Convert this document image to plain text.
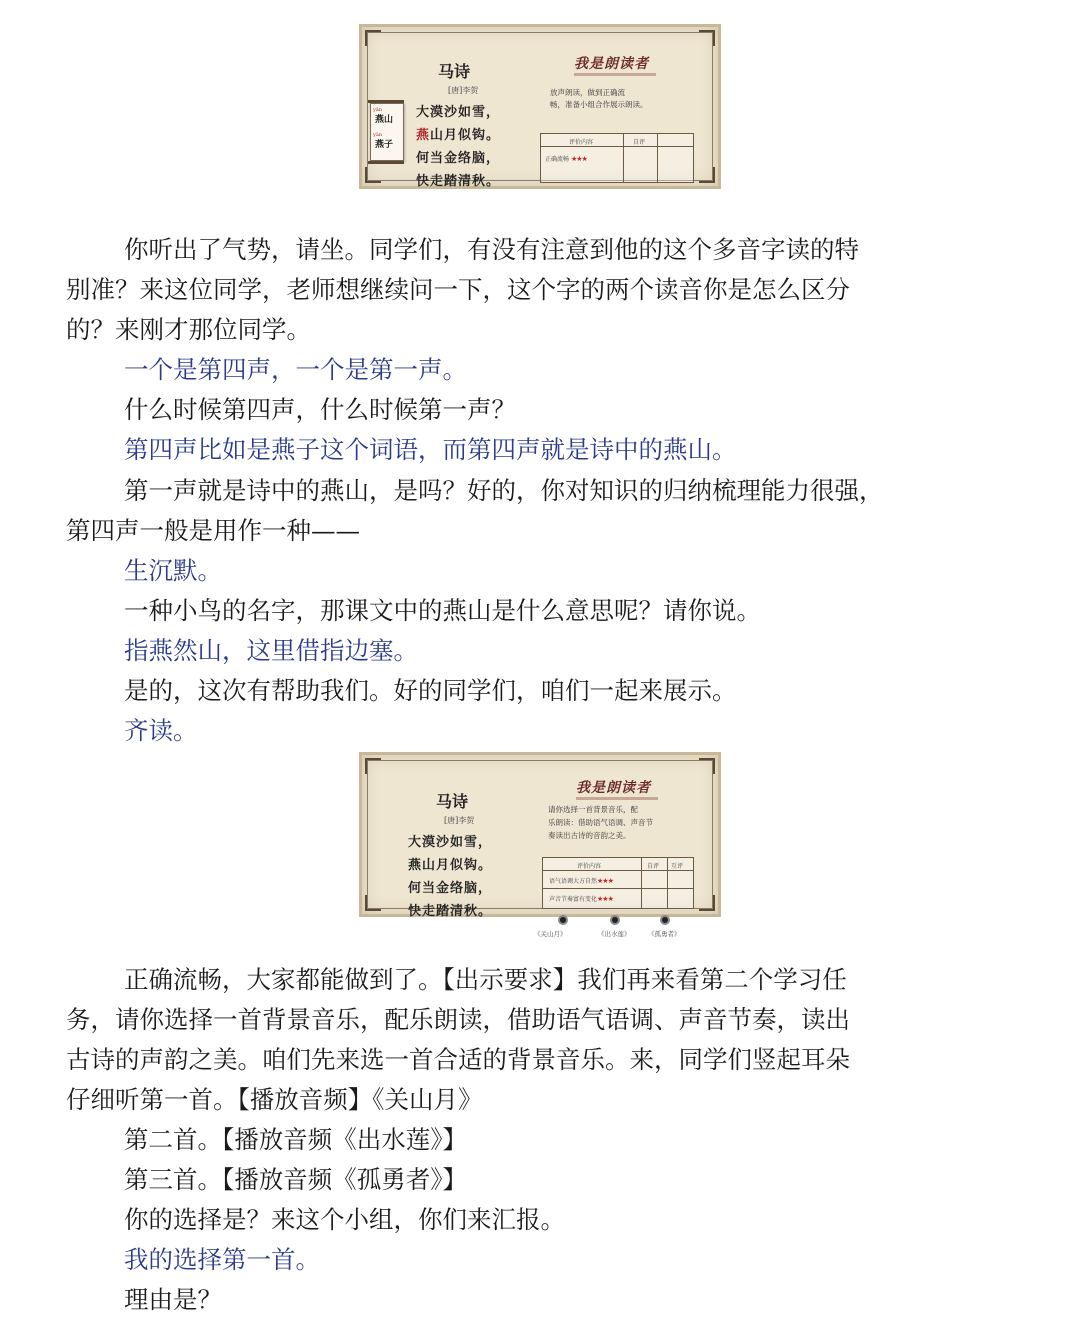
马诗
[唐]李贺
大漠沙如雪，
燕山月似钩。
何当金络脑，
快走踏清秋。
yān
燕山
yàn
燕子
我是朗读者
放声朗读，做到正确流
畅，准备小组合作展示朗读。
评价内容	自评
正确流畅 ★★★
你听出了气势，请坐。同学们，有没有注意到他的这个多音字读的特
别准？来这位同学，老师想继续问一下，这个字的两个读音你是怎么区分
的？来刚才那位同学。
一个是第四声，一个是第一声。
什么时候第四声，什么时候第一声？
第四声比如是燕子这个词语，而第四声就是诗中的燕山。
第一声就是诗中的燕山，是吗？好的，你对知识的归纳梳理能力很强，
第四声一般是用作一种——
生沉默。
一种小鸟的名字，那课文中的燕山是什么意思呢？请你说。
指燕然山，这里借指边塞。
是的，这次有帮助我们。好的同学们，咱们一起来展示。
齐读。
马诗
[唐]李贺
大漠沙如雪，
燕山月似钩。
何当金络脑，
快走踏清秋。
我是朗读者
请你选择一首背景音乐，配
乐朗读：借助语气语调、声音节
奏读出古诗的音韵之美。
评价内容	自评 互评
语气语调大方自然★★★
声音节奏富有变化★★★
《关山月》	《出水莲》	《孤勇者》
正确流畅，大家都能做到了。【出示要求】我们再来看第二个学习任
务，请你选择一首背景音乐，配乐朗读，借助语气语调、声音节奏，读出
古诗的声韵之美。咱们先来选一首合适的背景音乐。来，同学们竖起耳朵
仔细听第一首。【播放音频】《关山月》
第二首。【播放音频《出水莲》】
第三首。【播放音频《孤勇者》】
你的选择是？来这个小组，你们来汇报。
我的选择第一首。
理由是？
